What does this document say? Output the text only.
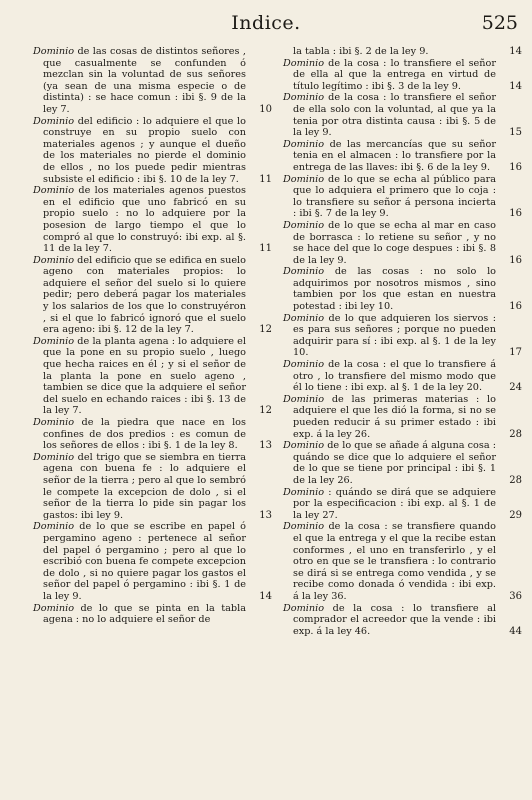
Indice.	525
Dominio de las cosas de distintos señores , que casualmente se confunden ó mezclan sin la voluntad de sus señores (ya sean de una misma especie o de distinta) : se hace comun : ibi §. 9 de la ley 7.	10
Dominio del edificio : lo adquiere el que lo construye en su propio suelo con materiales agenos ; y aunque el dueño de los materiales no pierde el dominio de ellos , no los puede pedir mientras subsiste el edificio : ibi §. 10 de la ley 7.	11
Dominio de los materiales agenos puestos en el edificio que uno fabricó en su propio suelo : no lo adquiere por la posesion de largo tiempo el que lo compró al que lo construyó: ibi exp. al §. 11 de la ley 7.	11
Dominio del edificio que se edifica en suelo ageno con materiales propios: lo adquiere el señor del suelo si lo quiere pedir; pero deberá pagar los materiales y los salarios de los que lo construyéron , si el que lo fabricó ignoró que el suelo era ageno: ibi §. 12 de la ley 7.	12
Dominio de la planta agena : lo adquiere el que la pone en su propio suelo , luego que hecha raices en él ; y si el señor de la planta la pone en suelo ageno , tambien se dice que la adquiere el señor del suelo en echando raices : ibi §. 13 de la ley 7.	12
Dominio de la piedra que nace en los confines de dos predios : es comun de los señores de ellos : ibi §. 1 de la ley 8.	13
Dominio del trigo que se siembra en tierra agena con buena fe : lo adquiere el señor de la tierra ; pero al que lo sembró le compete la excepcion de dolo , si el señor de la tierra lo pide sin pagar los gastos: ibi ley 9.	13
Dominio de lo que se escribe en papel ó pergamino ageno : pertenece al señor del papel ó pergamino ; pero al que lo escribió con buena fe compete excepcion de dolo , si no quiere pagar los gastos el señor del papel ó pergamino : ibi §. 1 de la ley 9.	14
Dominio de lo que se pinta en la tabla agena : no lo adquiere el señor de
la tabla : ibi §. 2 de la ley 9.	14
Dominio de la cosa : lo transfiere el señor de ella al que la entrega en virtud de título legítimo : ibi §. 3 de la ley 9.	14
Dominio de la cosa : lo transfiere el señor de ella solo con la voluntad, al que ya la tenia por otra distinta causa : ibi §. 5 de la ley 9.	15
Dominio de las mercancías que su señor tenia en el almacen : lo transfiere por la entrega de las llaves: ibi §. 6 de la ley 9.	16
Dominio de lo que se echa al público para que lo adquiera el primero que lo coja : lo transfiere su señor á persona incierta : ibi §. 7 de la ley 9.	16
Dominio de lo que se echa al mar en caso de borrasca : lo retiene su señor , y no se hace del que lo coge despues : ibi §. 8 de la ley 9.	16
Dominio de las cosas : no solo lo adquirimos por nosotros mismos , sino tambien por los que estan en nuestra potestad : ibi ley 10.	16
Dominio de lo que adquieren los siervos : es para sus señores ; porque no pueden adquirir para sí : ibi exp. al §. 1 de la ley 10.	17
Dominio de la cosa : el que lo transfiere á otro , lo transfiere del mismo modo que él lo tiene : ibi exp. al §. 1 de la ley 20.	24
Dominio de las primeras materias : lo adquiere el que les dió la forma, si no se pueden reducir á su primer estado : ibi exp. á la ley 26.	28
Dominio de lo que se añade á alguna cosa : quándo se dice que lo adquiere el señor de lo que se tiene por principal : ibi §. 1 de la ley 26.	28
Dominio : quándo se dirá que se adquiere por la especificacion : ibi exp. al §. 1 de la ley 27.	29
Dominio de la cosa : se transfiere quando el que la entrega y el que la recibe estan conformes , el uno en transferirlo , y el otro en que se le transfiera : lo contrario se dirá si se entrega como vendida , y se recibe como donada ó vendida : ibi exp. á la ley 36.	36
Dominio de la cosa : lo transfiere al comprador el acreedor que la vende : ibi exp. á la ley 46.	44
